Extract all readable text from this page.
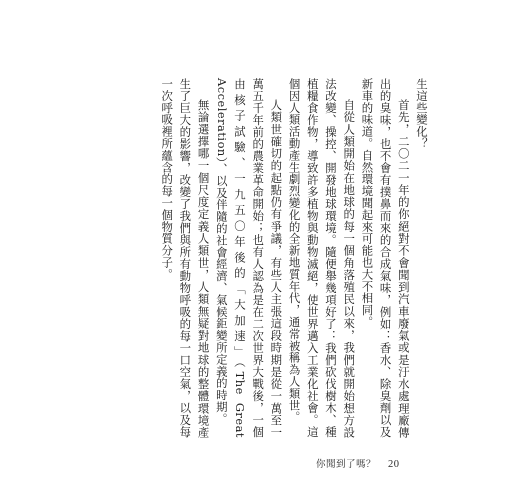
生這些變化？

首先，二〇二一年的你絕對不會聞到汽車廢氣或是汙水處理廠傳出的臭味，也不會有撲鼻而來的合成氣味，例如：香水、除臭劑以及新車的味道。自然環境聞起來可能也大不相同。

自從人類開始在地球的每一個角落殖民以來，我們就開始想方設法改變、操控、開發地球環境。隨便舉幾項好了：我們砍伐樹木、種植糧食作物，導致許多植物與動物滅絕，使世界邁入工業化社會。這個因人類活動產生劇烈變化的全新地質年代，通常被稱為人類世。

人類世確切的起點仍有爭議，有些人主張這段時期是從一萬至一萬五千年前的農業革命開始；也有人認為是在二次世界大戰後，一個由核子試驗、一九五〇年後的「大加速」（The Great Acceleration）、以及伴隨的社會經濟、氣候鉅變所定義的時期。

無論選擇哪一個尺度定義人類世，人類無疑對地球的整體環境產生了巨大的影響，改變了我們與所有動物呼吸的每一口空氣，以及每一次呼吸裡所蘊含的每一個物質分子。

你聞到了嗎？ 20
